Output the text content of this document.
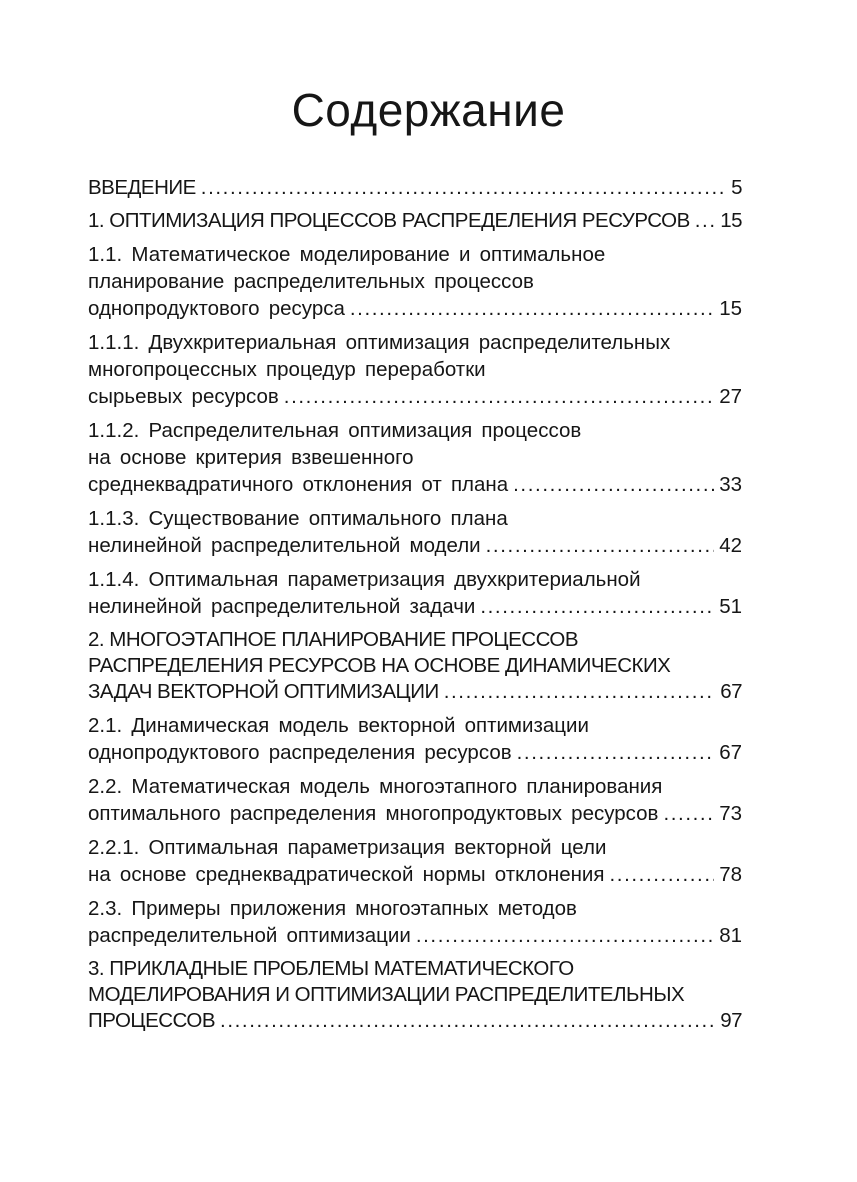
Содержание
ВВЕДЕНИЕ .....	5
1. ОПТИМИЗАЦИЯ ПРОЦЕССОВ РАСПРЕДЕЛЕНИЯ РЕСУРСОВ ..... 15
1.1. Математическое моделирование и оптимальное
планирование распределительных процессов
однопродуктового ресурса .....	15
1.1.1. Двухкритериальная оптимизация распределительных
многопроцессных процедур переработки
сырьевых ресурсов .....	27
1.1.2. Распределительная оптимизация процессов
на основе критерия взвешенного
среднеквадратичного отклонения от плана .....	33
1.1.3. Существование оптимального плана
нелинейной распределительной модели .....	42
1.1.4. Оптимальная параметризация двухкритериальной
нелинейной распределительной задачи .....	51
2. МНОГОЭТАПНОЕ ПЛАНИРОВАНИЕ ПРОЦЕССОВ
РАСПРЕДЕЛЕНИЯ РЕСУРСОВ НА ОСНОВЕ ДИНАМИЧЕСКИХ
ЗАДАЧ ВЕКТОРНОЙ ОПТИМИЗАЦИИ .....	67
2.1. Динамическая модель векторной оптимизации
однопродуктового распределения ресурсов .....	67
2.2. Математическая модель многоэтапного планирования
оптимального распределения многопродуктовых ресурсов .....	73
2.2.1. Оптимальная параметризация векторной цели
на основе среднеквадратической нормы отклонения .....	78
2.3. Примеры приложения многоэтапных методов
распределительной оптимизации .....	81
3. ПРИКЛАДНЫЕ ПРОБЛЕМЫ МАТЕМАТИЧЕСКОГО
МОДЕЛИРОВАНИЯ И ОПТИМИЗАЦИИ РАСПРЕДЕЛИТЕЛЬНЫХ
ПРОЦЕССОВ .....	97
